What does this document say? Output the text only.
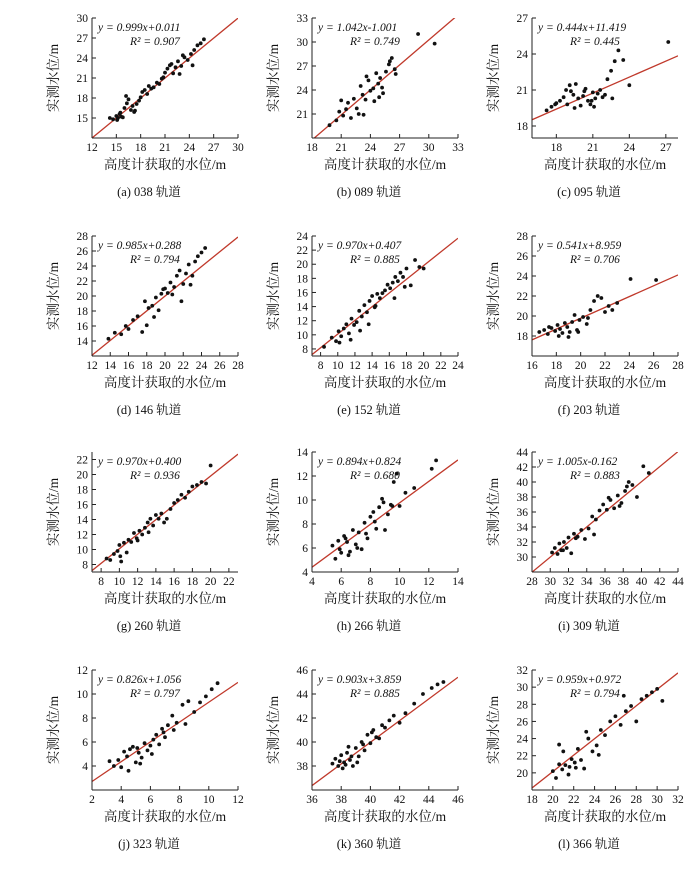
12 15 18 21 24 27 30
15
18
21
24
27
30
y = 0.999x+0.011
R² = 0.907
高度计获取的水位/m
实测水位/m
(a) 038 轨道
18 21 24 27 30 33
21
24
27
30
33
y = 1.042x-1.001
R² = 0.749
高度计获取的水位/m
实测水位/m
(b) 089 轨道
18 21 24 27
18
21
24
27
y = 0.444x+11.419
R² = 0.445
高度计获取的水位/m
实测水位/m
(c) 095 轨道
12 14 16 18 20 22 24 26 28
14
16
18
20
22
24
26
28
y = 0.985x+0.288
R² = 0.794
高度计获取的水位/m
实测水位/m
(d) 146 轨道
8 10 12 14 16 18 20 22 24
8
10
12
14
16
18
20
22
24
y = 0.970x+0.407
R² = 0.885
高度计获取的水位/m
实测水位/m
(e) 152 轨道
16 18 20 22 24 26 28
18
20
22
24
26
28
y = 0.541x+8.959
R² = 0.706
高度计获取的水位/m
实测水位/m
(f) 203 轨道
8 10 12 14 16 18 20 22
8
10
12
14
16
18
20
22 y = 0.970x+0.400
R² = 0.936
高度计获取的水位/m
实测水位/m
(g) 260 轨道
4 6 8 10 12 14
4
6
8
10
12
14
y = 0.894x+0.824
R² = 0.680
高度计获取的水位/m
实测水位/m
(h) 266 轨道
28 30 32 34 36 38 40 42 44
30
32
34
36
38
40
42
44
y = 1.005x-0.162
R² = 0.883
高度计获取的水位/m
实测水位/m
(i) 309 轨道
2 4 6 8 10 12
4
6
8
10
12
y = 0.826x+1.056
R² = 0.797
高度计获取的水位/m
实测水位/m
(j) 323 轨道
36 38 40 42 44 46
38
40
42
44
46
y = 0.903x+3.859
R² = 0.885
高度计获取的水位/m
实测水位/m
(k) 360 轨道
18 20 22 24 26 28 30 32
20
22
24
26
28
30
32
y = 0.959x+0.972
R² = 0.794
高度计获取的水位/m
实测水位/m
(l) 366 轨道
